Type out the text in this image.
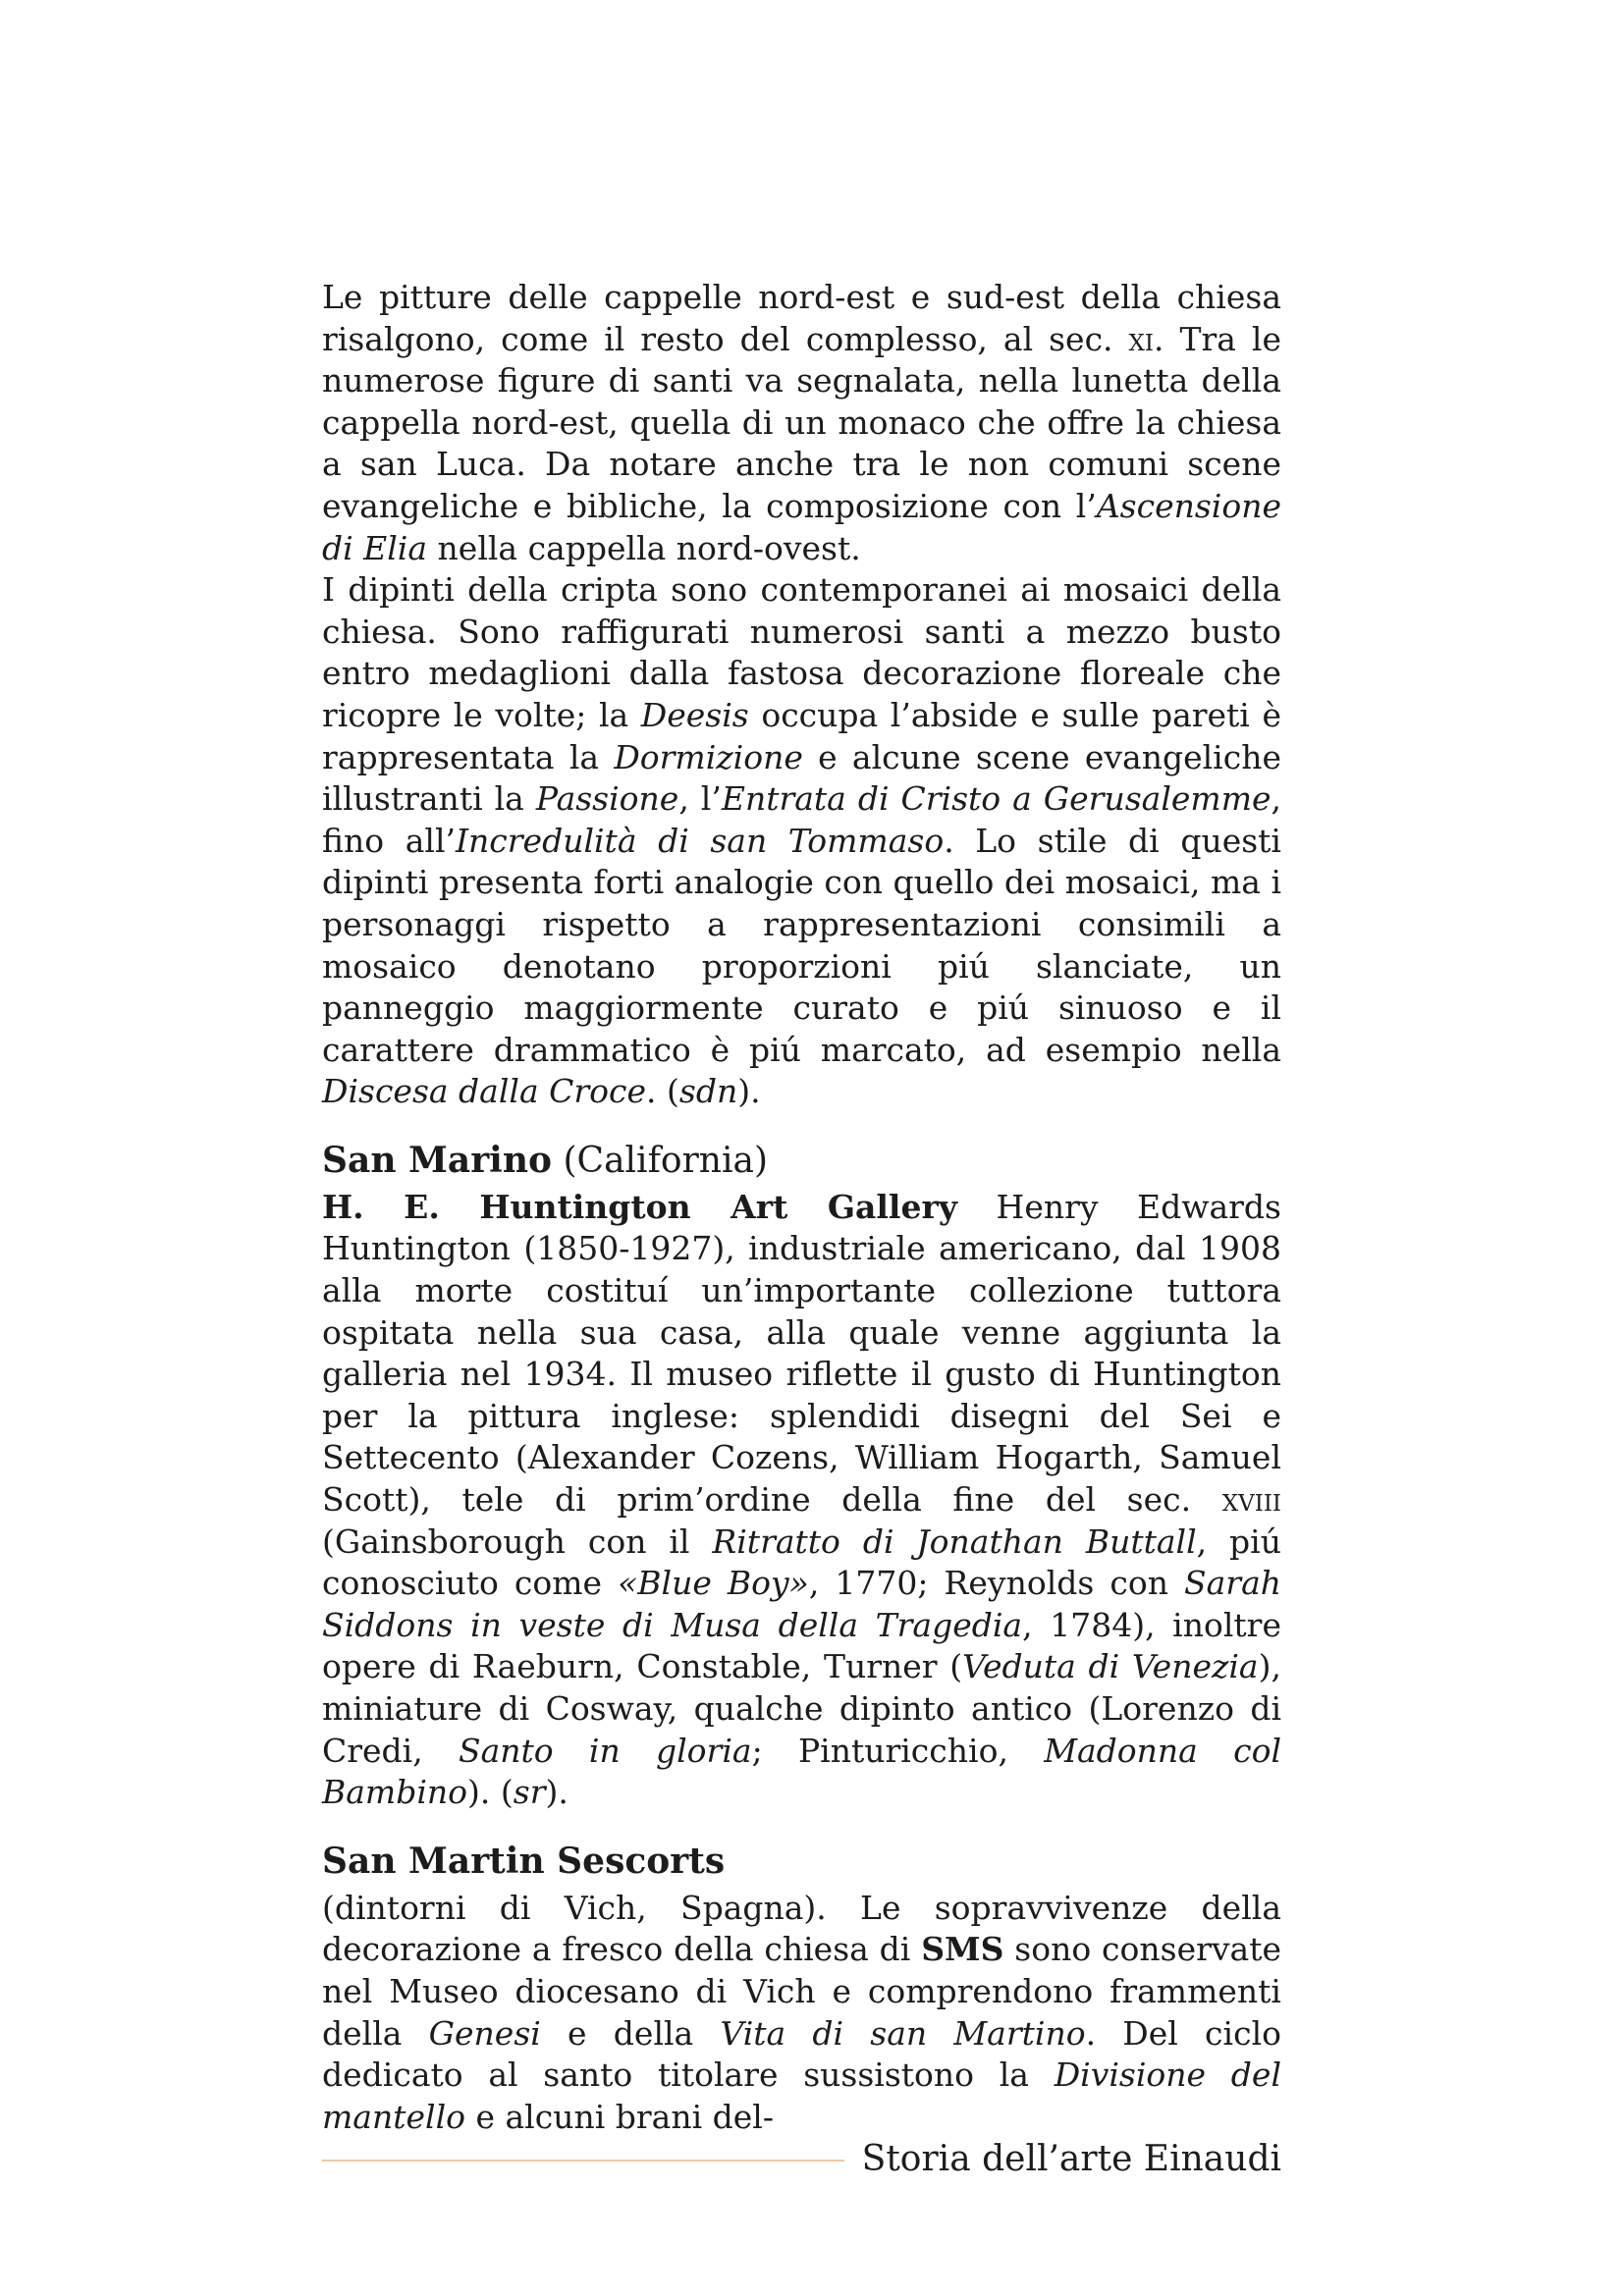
Le pitture delle cappelle nord-est e sud-est della chiesa risalgono, come il resto del complesso, al sec. xi. Tra le numerose figure di santi va segnalata, nella lunetta della cappella nord-est, quella di un monaco che offre la chiesa a san Luca. Da notare anche tra le non comuni scene evangeliche e bibliche, la composizione con l’Ascensione di Elia nella cappella nord-ovest.

I dipinti della cripta sono contemporanei ai mosaici della chiesa. Sono raffigurati numerosi santi a mezzo busto entro medaglioni dalla fastosa decorazione floreale che ricopre le volte; la Deesis occupa l’abside e sulle pareti è rappresentata la Dormizione e alcune scene evangeliche illustranti la Passione, l’Entrata di Cristo a Gerusalemme, fino all’Incredulità di san Tommaso. Lo stile di questi dipinti presenta forti analogie con quello dei mosaici, ma i personaggi rispetto a rappresentazioni consimili a mosaico denotano proporzioni piú slanciate, un panneggio maggiormente curato e piú sinuoso e il carattere drammatico è piú marcato, ad esempio nella Discesa dalla Croce. (sdn).

San Marino (California)

H. E. Huntington Art Gallery Henry Edwards Huntington (1850-1927), industriale americano, dal 1908 alla morte costituí un’importante collezione tuttora ospitata nella sua casa, alla quale venne aggiunta la galleria nel 1934. Il museo riflette il gusto di Huntington per la pittura inglese: splendidi disegni del Sei e Settecento (Alexander Cozens, William Hogarth, Samuel Scott), tele di prim’ordine della fine del sec. xviii (Gainsborough con il Ritratto di Jonathan Buttall, piú conosciuto come «Blue Boy», 1770; Reynolds con Sarah Siddons in veste di Musa della Tragedia, 1784), inoltre opere di Raeburn, Constable, Turner (Veduta di Venezia), miniature di Cosway, qualche dipinto antico (Lorenzo di Credi, Santo in gloria; Pinturicchio, Madonna col Bambino). (sr).

San Martin Sescorts

(dintorni di Vich, Spagna). Le sopravvivenze della decorazione a fresco della chiesa di SMS sono conservate nel Museo diocesano di Vich e comprendono frammenti della Genesi e della Vita di san Martino. Del ciclo dedicato al santo titolare sussistono la Divisione del mantello e alcuni brani del-

Storia dell’arte Einaudi
